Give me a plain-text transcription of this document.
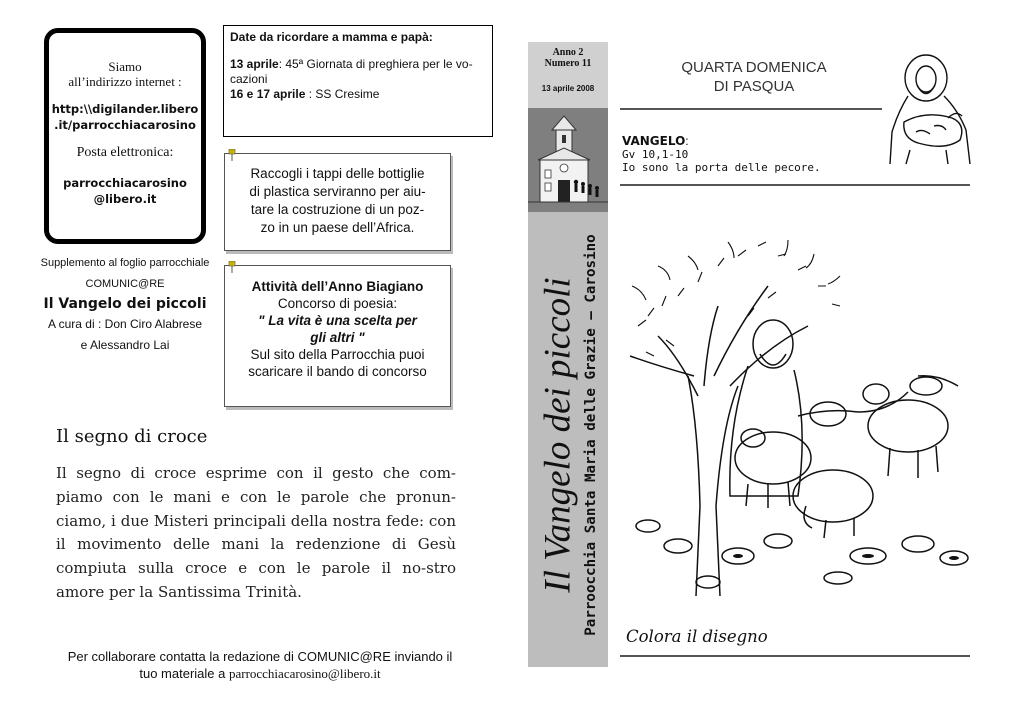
Siamo
all’indirizzo internet :
http:\\digilander.libero
.it/parrocchiacarosino
Posta elettronica:
parrocchiacarosino
@libero.it
Supplemento al foglio parrocchiale
COMUNIC@RE
Il Vangelo dei piccoli
A cura di : Don Ciro Alabrese
e Alessandro Lai
Date da ricordare a mamma e papà:
13 aprile: 45ª Giornata di preghiera per le vo-cazioni
16 e 17 aprile : SS Cresime
Raccogli i tappi delle bottiglie
di plastica serviranno per aiu-
tare la costruzione di un poz-
zo in un paese dell’Africa.
Attività dell’Anno Biagiano
Concorso di poesia:
" La vita è una scelta per
gli altri "
Sul sito della Parrocchia puoi
scaricare il bando di concorso
Il segno di croce
Il segno di croce esprime con il gesto che com-piamo con le mani e con le parole che pronun-ciamo, i due Misteri principali della nostra fede: con il movimento delle mani la redenzione di Gesù compiuta sulla croce e con le parole il no-stro amore per la Santissima Trinità.
Per collaborare contatta la redazione di COMUNIC@RE inviando il
tuo materiale a parrocchiacarosino@libero.it
Anno 2
Numero 11
13 aprile 2008
Il Vangelo dei piccoli Parroocchia Santa Maria delle Grazie — Carosino
QUARTA DOMENICA
DI PASQUA
VANGELO:
Gv 10,1-10
Io sono la porta delle pecore.
Colora il disegno
